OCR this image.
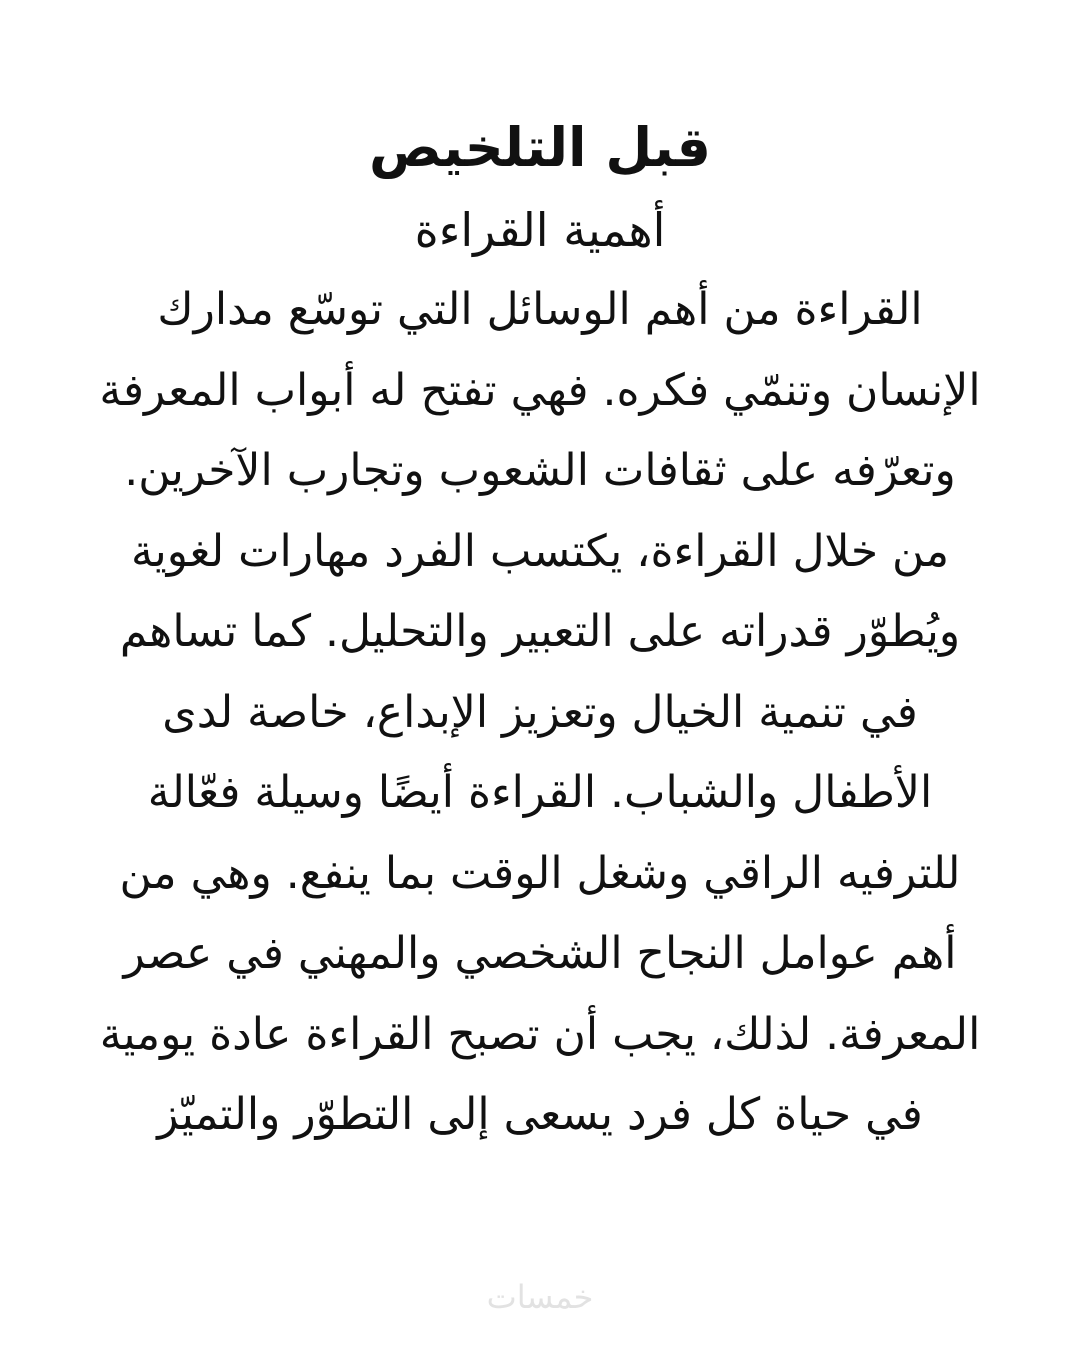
قبل التلخيص
أهمية القراءة
القراءة من أهم الوسائل التي توسّع مدارك
الإنسان وتنمّي فكره. فهي تفتح له أبواب المعرفة
وتعرّفه على ثقافات الشعوب وتجارب الآخرين.
من خلال القراءة، يكتسب الفرد مهارات لغوية
ويُطوّر قدراته على التعبير والتحليل. كما تساهم
في تنمية الخيال وتعزيز الإبداع، خاصة لدى
الأطفال والشباب. القراءة أيضًا وسيلة فعّالة
للترفيه الراقي وشغل الوقت بما ينفع. وهي من
أهم عوامل النجاح الشخصي والمهني في عصر
المعرفة. لذلك، يجب أن تصبح القراءة عادة يومية
في حياة كل فرد يسعى إلى التطوّر والتميّز
خمسات
